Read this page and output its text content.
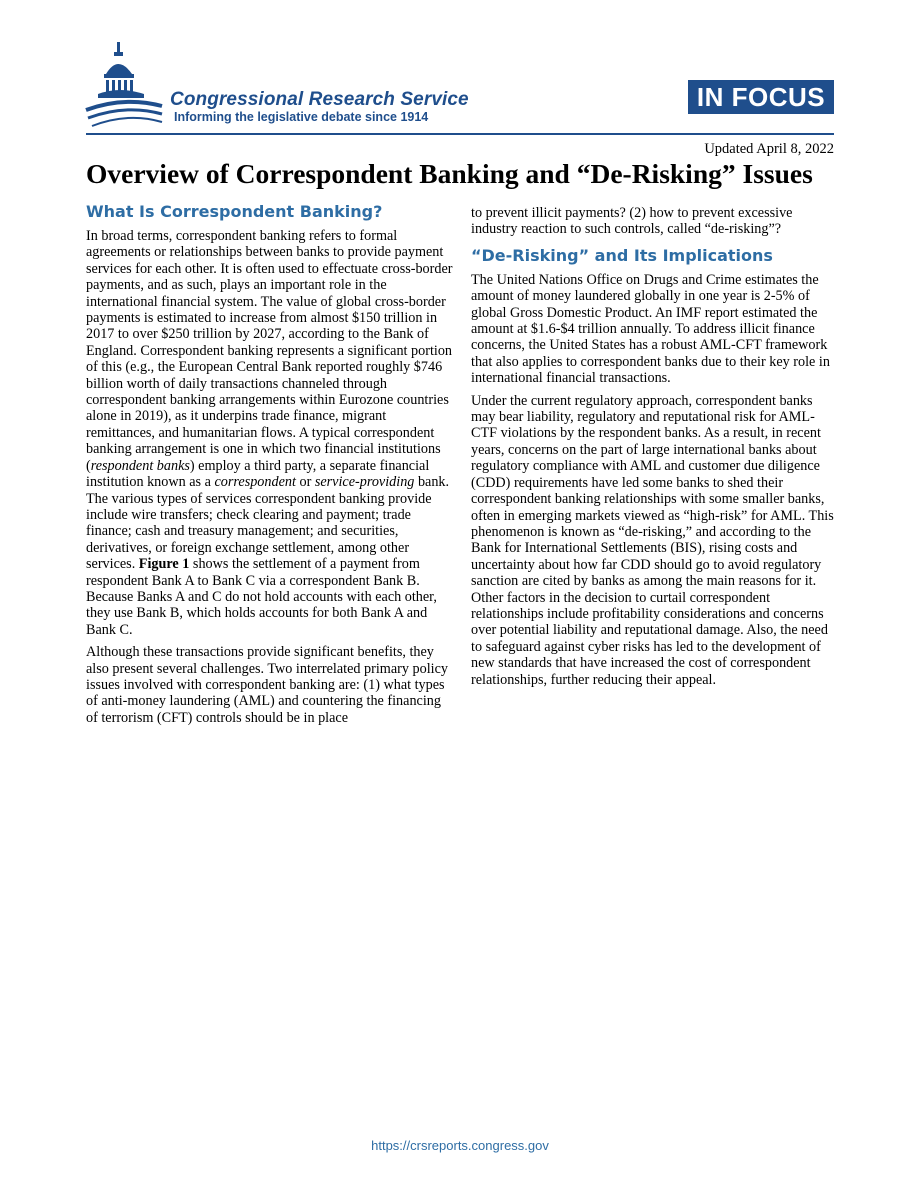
Congressional Research Service
Informing the legislative debate since 1914
IN FOCUS
Updated April 8, 2022
Overview of Correspondent Banking and “De-Risking” Issues
What Is Correspondent Banking?

In broad terms, correspondent banking refers to formal agreements or relationships between banks to provide payment services for each other. It is often used to effectuate cross-border payments, and as such, plays an important role in the international financial system. The value of global cross-border payments is estimated to increase from almost $150 trillion in 2017 to over $250 trillion by 2027, according to the Bank of England. Correspondent banking represents a significant portion of this (e.g., the European Central Bank reported roughly $746 billion worth of daily transactions channeled through correspondent banking arrangements within Eurozone countries alone in 2019), as it underpins trade finance, migrant remittances, and humanitarian flows. A typical correspondent banking arrangement is one in which two financial institutions (respondent banks) employ a third party, a separate financial institution known as a correspondent or service-providing bank. The various types of services correspondent banking provide include wire transfers; check clearing and payment; trade finance; cash and treasury management; and securities, derivatives, or foreign exchange settlement, among other services. Figure 1 shows the settlement of a payment from respondent Bank A to Bank C via a correspondent Bank B. Because Banks A and C do not hold accounts with each other, they use Bank B, which holds accounts for both Bank A and Bank C.

Although these transactions provide significant benefits, they also present several challenges. Two interrelated primary policy issues involved with correspondent banking are: (1) what types of anti-money laundering (AML) and countering the financing of terrorism (CFT) controls should be in place

to prevent illicit payments? (2) how to prevent excessive industry reaction to such controls, called “de-risking”?

“De-Risking” and Its Implications

The United Nations Office on Drugs and Crime estimates the amount of money laundered globally in one year is 2-5% of global Gross Domestic Product. An IMF report estimated the amount at $1.6-$4 trillion annually. To address illicit finance concerns, the United States has a robust AML-CFT framework that also applies to correspondent banks due to their key role in international financial transactions.

Under the current regulatory approach, correspondent banks may bear liability, regulatory and reputational risk for AML-CTF violations by the respondent banks. As a result, in recent years, concerns on the part of large international banks about regulatory compliance with AML and customer due diligence (CDD) requirements have led some banks to shed their correspondent banking relationships with some smaller banks, often in emerging markets viewed as “high-risk” for AML. This phenomenon is known as “de-risking,” and according to the Bank for International Settlements (BIS), rising costs and uncertainty about how far CDD should go to avoid regulatory sanction are cited by banks as among the main reasons for it. Other factors in the decision to curtail correspondent relationships include profitability considerations and concerns over potential liability and reputational damage. Also, the need to safeguard against cyber risks has led to the development of new standards that have increased the cost of correspondent relationships, further reducing their appeal.

https://crsreports.congress.gov
